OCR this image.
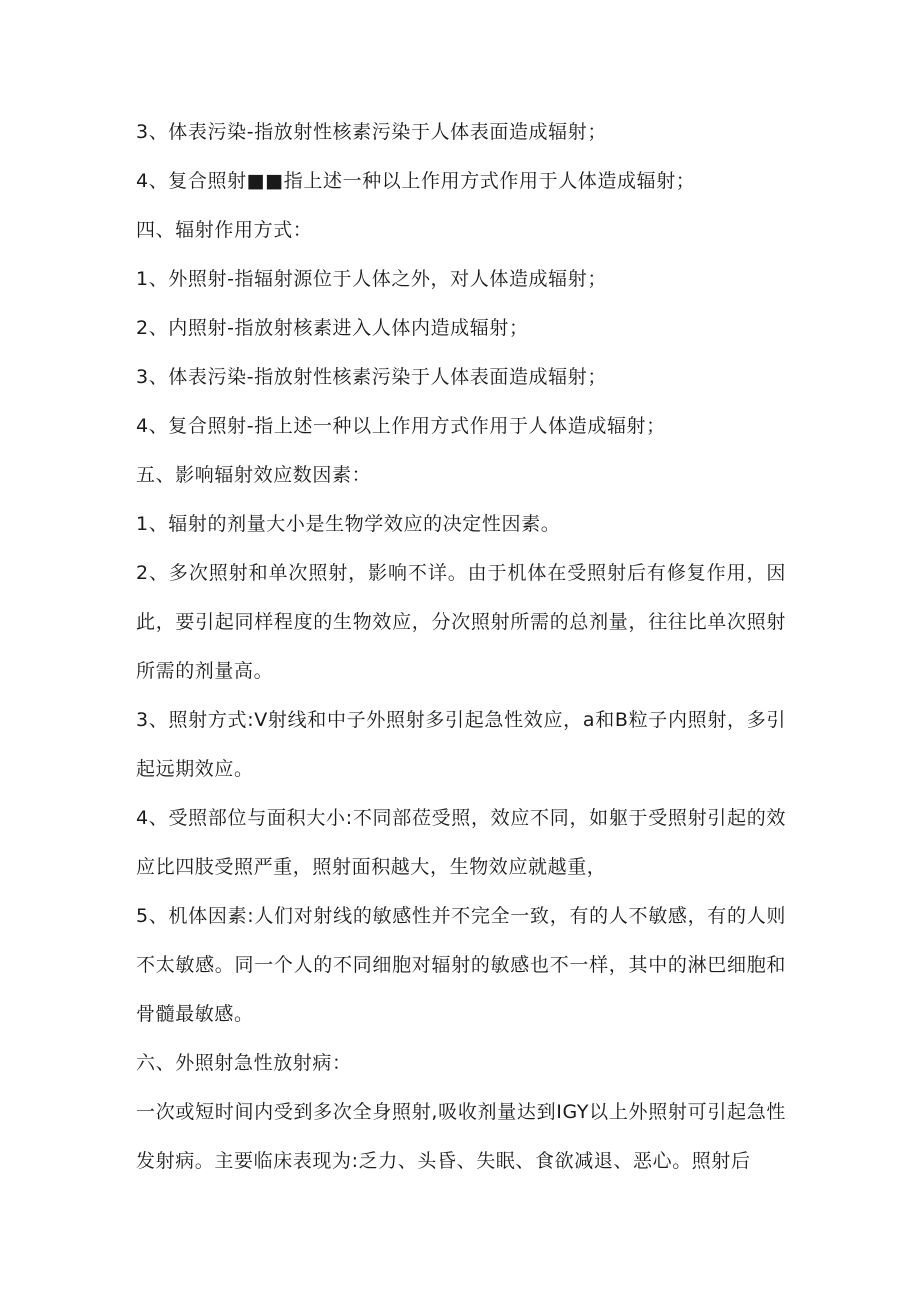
3、体表污染-指放射性核素污染于人体表面造成辐射；

4、复合照射■■指上述一种以上作用方式作用于人体造成辐射；

四、辐射作用方式：

1、外照射-指辐射源位于人体之外，对人体造成辐射；

2、内照射-指放射核素进入人体内造成辐射；

3、体表污染-指放射性核素污染于人体表面造成辐射；

4、复合照射-指上述一种以上作用方式作用于人体造成辐射；

五、影响辐射效应数因素：

1、辐射的剂量大小是生物学效应的决定性因素。

2、多次照射和单次照射，影响不详。由于机体在受照射后有修复作用，因此，要引起同样程度的生物效应，分次照射所需的总剂量，往往比单次照射所需的剂量高。

3、照射方式:V射线和中子外照射多引起急性效应，a和B粒子内照射，多引起远期效应。

4、受照部位与面积大小:不同部莅受照，效应不同，如躯于受照射引起的效应比四肢受照严重，照射面积越大，生物效应就越重，

5、机体因素:人们对射线的敏感性并不完全一致，有的人不敏感，有的人则不太敏感。同一个人的不同细胞对辐射的敏感也不一样，其中的淋巴细胞和骨髓最敏感。

六、外照射急性放射病：

一次或短时间内受到多次全身照射,吸收剂量达到IGY以上外照射可引起急性发射病。主要临床表现为:乏力、头昏、失眠、食欲减退、恶心。照射后
